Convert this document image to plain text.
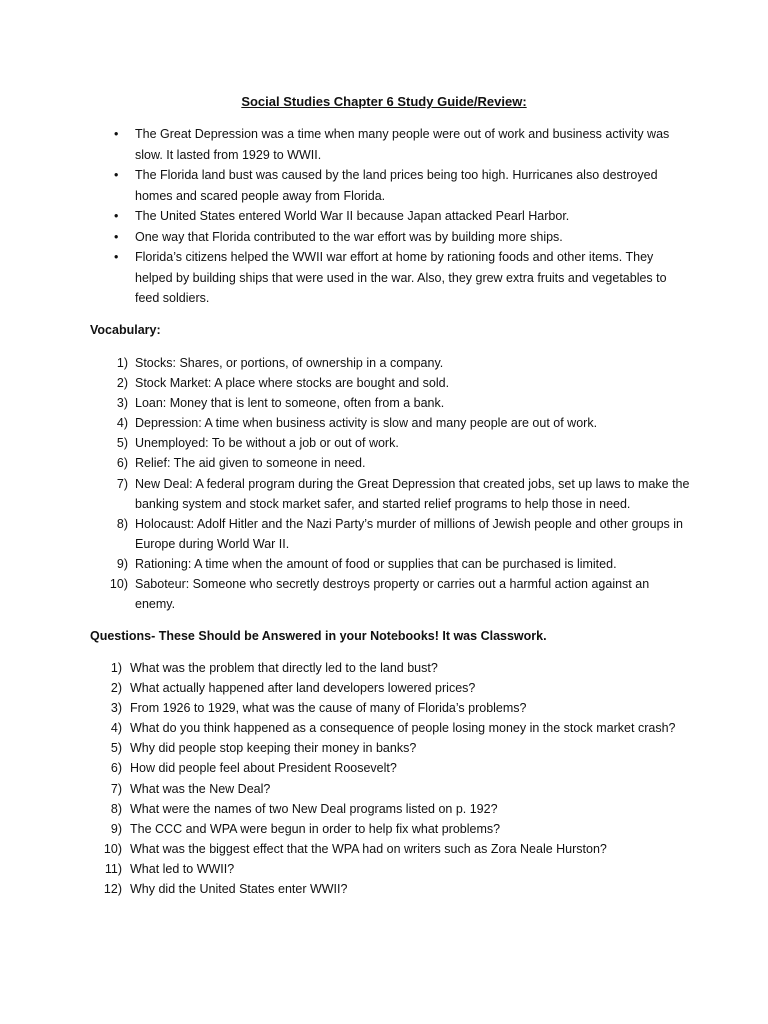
Social Studies Chapter 6 Study Guide/Review:
• The Great Depression was a time when many people were out of work and business activity was slow. It lasted from 1929 to WWII.
• The Florida land bust was caused by the land prices being too high. Hurricanes also destroyed homes and scared people away from Florida.
• The United States entered World War II because Japan attacked Pearl Harbor.
• One way that Florida contributed to the war effort was by building more ships.
• Florida’s citizens helped the WWII war effort at home by rationing foods and other items. They helped by building ships that were used in the war. Also, they grew extra fruits and vegetables to feed soldiers.
Vocabulary:
1) Stocks: Shares, or portions, of ownership in a company.
2) Stock Market: A place where stocks are bought and sold.
3) Loan: Money that is lent to someone, often from a bank.
4) Depression: A time when business activity is slow and many people are out of work.
5) Unemployed: To be without a job or out of work.
6) Relief: The aid given to someone in need.
7) New Deal: A federal program during the Great Depression that created jobs, set up laws to make the banking system and stock market safer, and started relief programs to help those in need.
8) Holocaust: Adolf Hitler and the Nazi Party’s murder of millions of Jewish people and other groups in Europe during World War II.
9) Rationing: A time when the amount of food or supplies that can be purchased is limited.
10) Saboteur: Someone who secretly destroys property or carries out a harmful action against an enemy.
Questions- These Should be Answered in your Notebooks! It was Classwork.
1) What was the problem that directly led to the land bust?
2) What actually happened after land developers lowered prices?
3) From 1926 to 1929, what was the cause of many of Florida’s problems?
4) What do you think happened as a consequence of people losing money in the stock market crash?
5) Why did people stop keeping their money in banks?
6) How did people feel about President Roosevelt?
7) What was the New Deal?
8) What were the names of two New Deal programs listed on p. 192?
9) The CCC and WPA were begun in order to help fix what problems?
10) What was the biggest effect that the WPA had on writers such as Zora Neale Hurston?
11) What led to WWII?
12) Why did the United States enter WWII?
